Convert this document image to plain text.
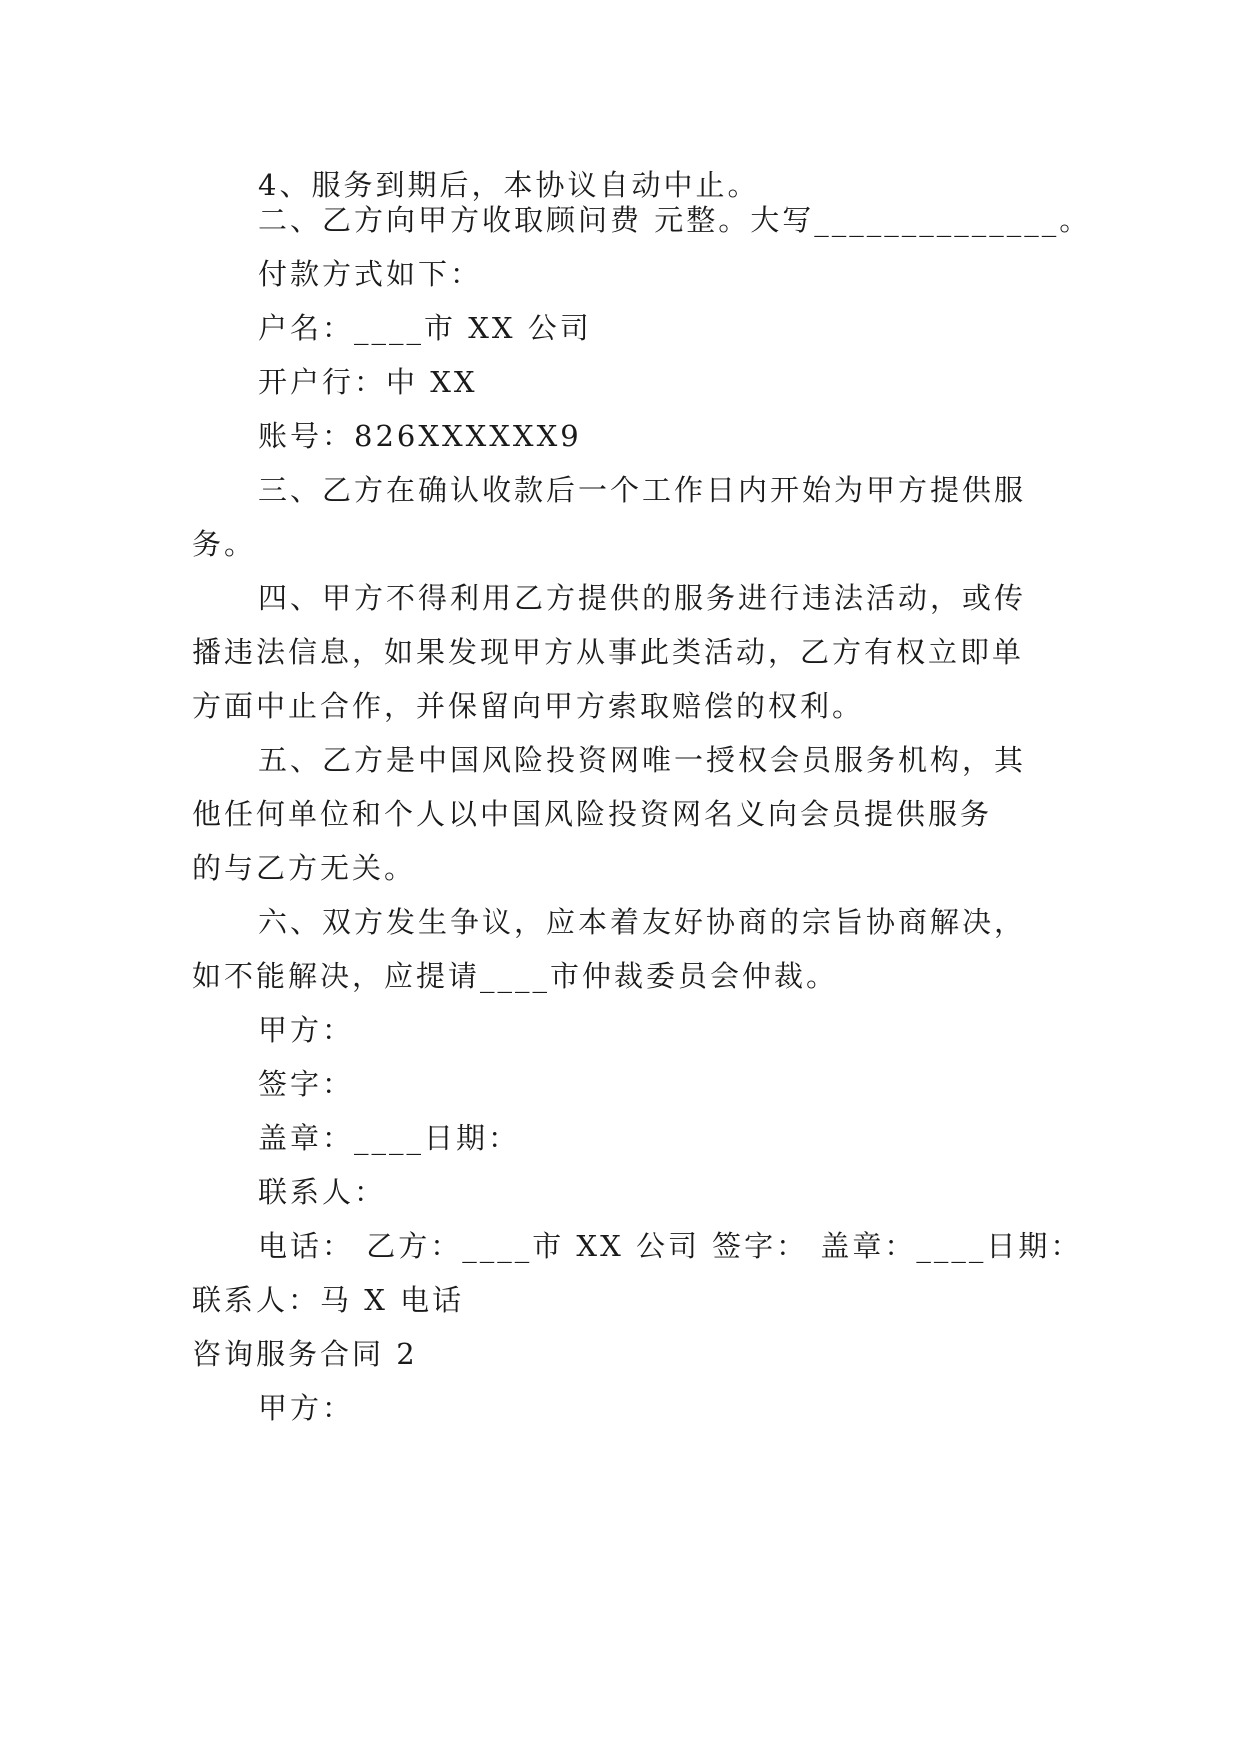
4、服务到期后，本协议自动中止。
二、乙方向甲方收取顾问费 元整。大写______________。
付款方式如下：
户名：____市 XX 公司
开户行：中 XX
账号：826XXXXXX9
三、乙方在确认收款后一个工作日内开始为甲方提供服
务。
四、甲方不得利用乙方提供的服务进行违法活动，或传
播违法信息，如果发现甲方从事此类活动，乙方有权立即单
方面中止合作，并保留向甲方索取赔偿的权利。
五、乙方是中国风险投资网唯一授权会员服务机构，其
他任何单位和个人以中国风险投资网名义向会员提供服务
的与乙方无关。
六、双方发生争议，应本着友好协商的宗旨协商解决，
如不能解决，应提请____市仲裁委员会仲裁。
甲方：
签字：
盖章：____日期：
联系人：
电话： 乙方：____市 XX 公司 签字： 盖章：____日期：
联系人：马 X 电话
咨询服务合同 2
甲方：
